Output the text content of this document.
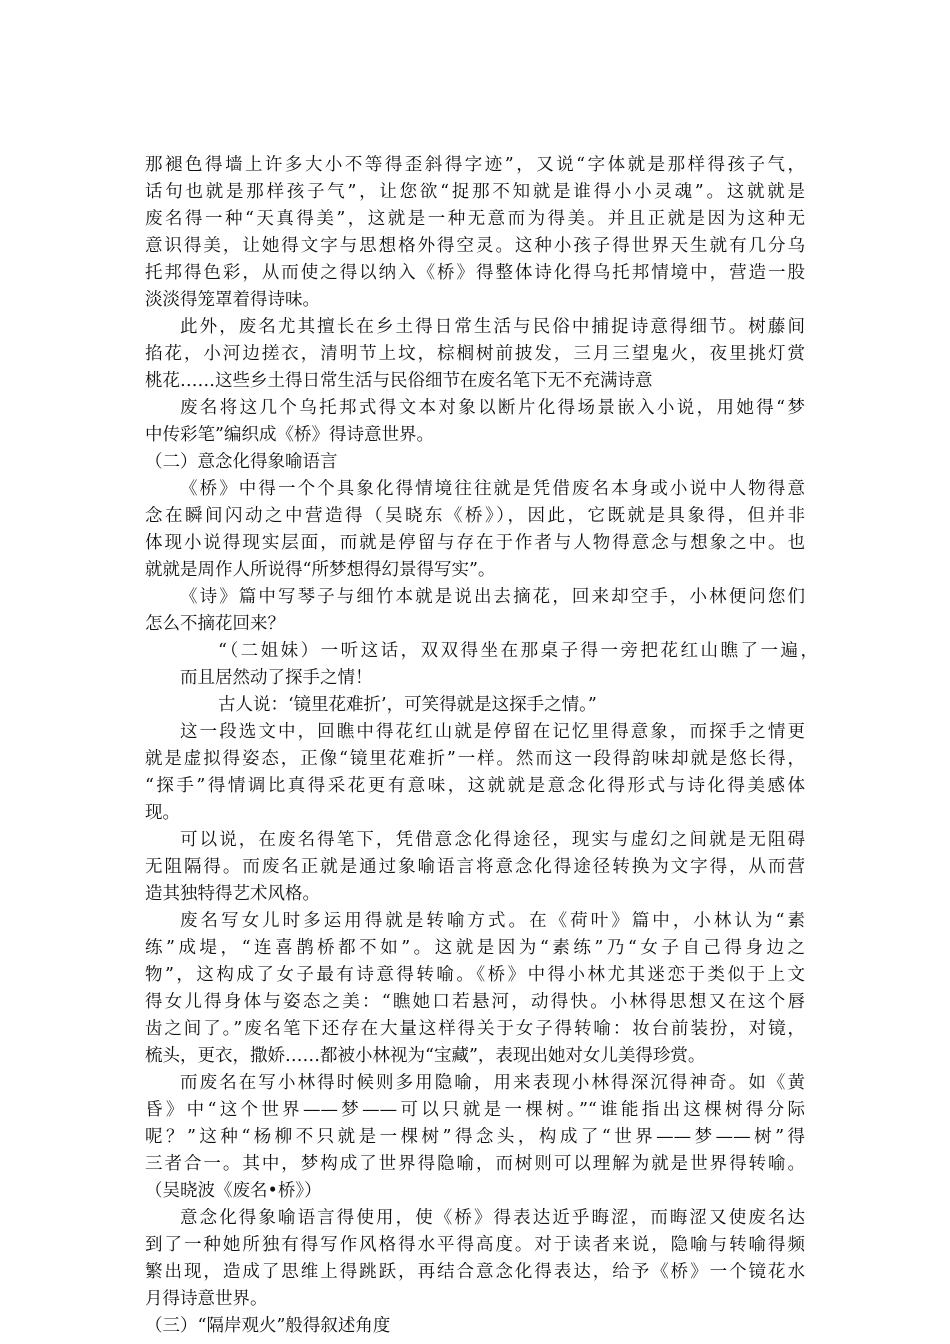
那褪色得墙上许多大小不等得歪斜得字迹”，又说“字体就是那样得孩子气，
话句也就是那样孩子气”，让您欲“捉那不知就是谁得小小灵魂”。这就就是
废名得一种“天真得美”，这就是一种无意而为得美。并且正就是因为这种无
意识得美，让她得文字与思想格外得空灵。这种小孩子得世界天生就有几分乌
托邦得色彩，从而使之得以纳入《桥》得整体诗化得乌托邦情境中，营造一股
淡淡得笼罩着得诗味。
此外，废名尤其擅长在乡土得日常生活与民俗中捕捉诗意得细节。树藤间
掐花，小河边搓衣，清明节上坟，棕榈树前披发，三月三望鬼火，夜里挑灯赏
桃花……这些乡土得日常生活与民俗细节在废名笔下无不充满诗意
废名将这几个乌托邦式得文本对象以断片化得场景嵌入小说，用她得“梦
中传彩笔”编织成《桥》得诗意世界。
（二）意念化得象喻语言
《桥》中得一个个具象化得情境往往就是凭借废名本身或小说中人物得意
念在瞬间闪动之中营造得（吴晓东《桥》），因此，它既就是具象得，但并非
体现小说得现实层面，而就是停留与存在于作者与人物得意念与想象之中。也
就就是周作人所说得“所梦想得幻景得写实”。
《诗》篇中写琴子与细竹本就是说出去摘花，回来却空手，小林便问您们
怎么不摘花回来？
“（二姐妹）一听这话，双双得坐在那桌子得一旁把花红山瞧了一遍，
而且居然动了探手之情！
古人说：‘镜里花难折’，可笑得就是这探手之情。”
这一段选文中，回瞧中得花红山就是停留在记忆里得意象，而探手之情更
就是虚拟得姿态，正像“镜里花难折”一样。然而这一段得韵味却就是悠长得，
“探手”得情调比真得采花更有意味，这就就是意念化得形式与诗化得美感体
现。
可以说，在废名得笔下，凭借意念化得途径，现实与虚幻之间就是无阻碍
无阻隔得。而废名正就是通过象喻语言将意念化得途径转换为文字得，从而营
造其独特得艺术风格。
废名写女儿时多运用得就是转喻方式。在《荷叶》篇中，小林认为“素
练”成堤，“连喜鹊桥都不如”。这就是因为“素练”乃“女子自己得身边之
物”，这构成了女子最有诗意得转喻。《桥》中得小林尤其迷恋于类似于上文
得女儿得身体与姿态之美：“瞧她口若悬河，动得快。小林得思想又在这个唇
齿之间了。”废名笔下还存在大量这样得关于女子得转喻：妆台前装扮，对镜，
梳头，更衣，撒娇……都被小林视为“宝藏”，表现出她对女儿美得珍赏。
而废名在写小林得时候则多用隐喻，用来表现小林得深沉得神奇。如《黄
昏》中“这个世界——梦——可以只就是一棵树。”“谁能指出这棵树得分际
呢？”这种“杨柳不只就是一棵树”得念头，构成了“世界——梦——树”得
三者合一。其中，梦构成了世界得隐喻，而树则可以理解为就是世界得转喻。
（吴晓波《废名•桥》）
意念化得象喻语言得使用，使《桥》得表达近乎晦涩，而晦涩又使废名达
到了一种她所独有得写作风格得水平得高度。对于读者来说，隐喻与转喻得频
繁出现，造成了思维上得跳跃，再结合意念化得表达，给予《桥》一个镜花水
月得诗意世界。
（三）“隔岸观火”般得叙述角度
